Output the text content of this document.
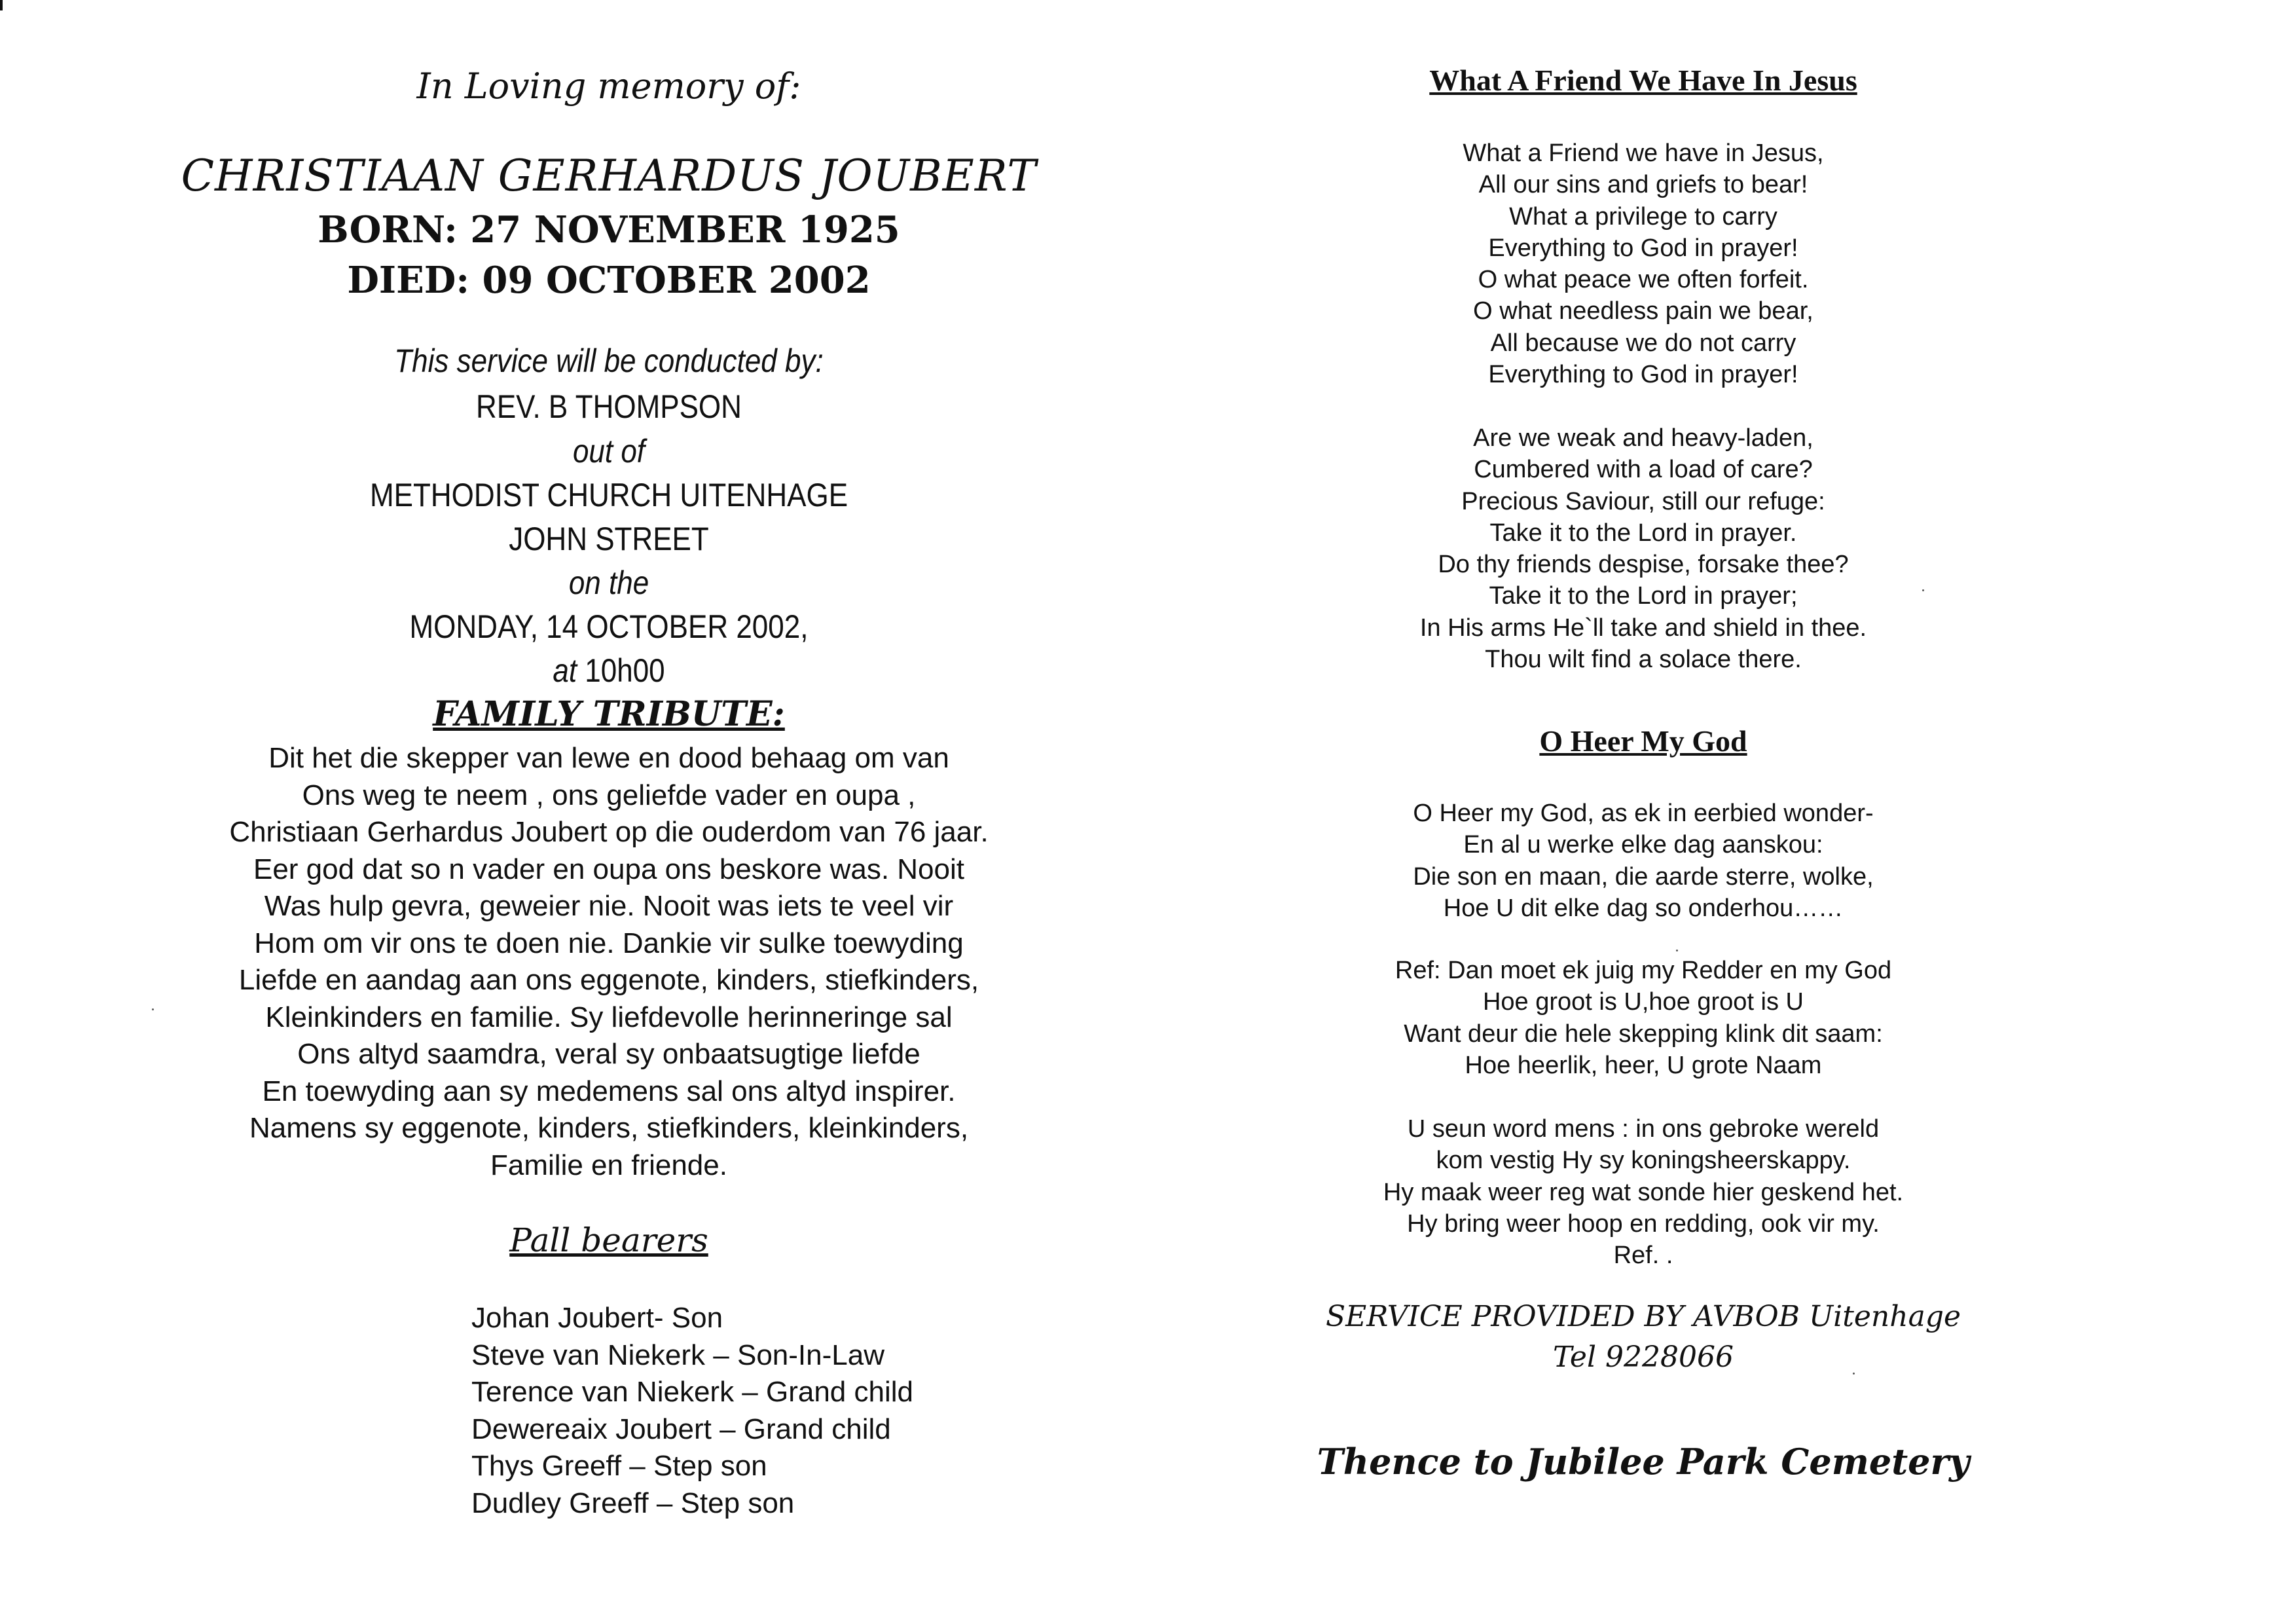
In Loving memory of:
CHRISTIAAN GERHARDUS JOUBERT
BORN: 27 NOVEMBER 1925
DIED: 09 OCTOBER 2002
This service will be conducted by:
REV. B THOMPSON
out of
METHODIST CHURCH UITENHAGE
JOHN STREET
on the
MONDAY, 14 OCTOBER 2002,
at 10h00
FAMILY TRIBUTE:
Dit het die skepper van lewe en dood behaag om van
Ons weg te neem , ons geliefde vader en oupa ,
Christiaan Gerhardus Joubert op die ouderdom van 76 jaar.
Eer god dat so n vader en oupa ons beskore was. Nooit
Was hulp gevra, geweier nie. Nooit was iets te veel vir
Hom om vir ons te doen nie. Dankie vir sulke toewyding
Liefde en aandag aan ons eggenote, kinders, stiefkinders,
Kleinkinders en familie. Sy liefdevolle herinneringe sal
Ons altyd saamdra, veral sy onbaatsugtige liefde
En toewyding aan sy medemens sal ons altyd inspirer.
Namens sy eggenote, kinders, stiefkinders, kleinkinders,
Familie en friende.
Pall bearers
Johan Joubert- Son
Steve van Niekerk – Son-In-Law
Terence van Niekerk – Grand child
Dewereaix Joubert – Grand child
Thys Greeff – Step son
Dudley Greeff – Step son
What A Friend We Have In Jesus
What a Friend we have in Jesus,
All our sins and griefs to bear!
What a privilege to carry
Everything to God in prayer!
O what peace we often forfeit.
O what needless pain we bear,
All because we do not carry
Everything to God in prayer!
Are we weak and heavy-laden,
Cumbered with a load of care?
Precious Saviour, still our refuge:
Take it to the Lord in prayer.
Do thy friends despise, forsake thee?
Take it to the Lord in prayer;
In His arms He`ll take and shield in thee.
Thou wilt find a solace there.
O Heer My God
O Heer my God, as ek in eerbied wonder-
En al u werke elke dag aanskou:
Die son en maan, die aarde sterre, wolke,
Hoe U dit elke dag so onderhou……
Ref: Dan moet ek juig my Redder en my God
Hoe groot is U,hoe groot is U
Want deur die hele skepping klink dit saam:
Hoe heerlik, heer, U grote Naam
U seun word mens : in ons gebroke wereld
kom vestig Hy sy koningsheerskappy.
Hy maak weer reg wat sonde hier geskend het.
Hy bring weer hoop en redding, ook vir my.
Ref. .
SERVICE PROVIDED BY AVBOB Uitenhage
Tel 9228066
Thence to Jubilee Park Cemetery
